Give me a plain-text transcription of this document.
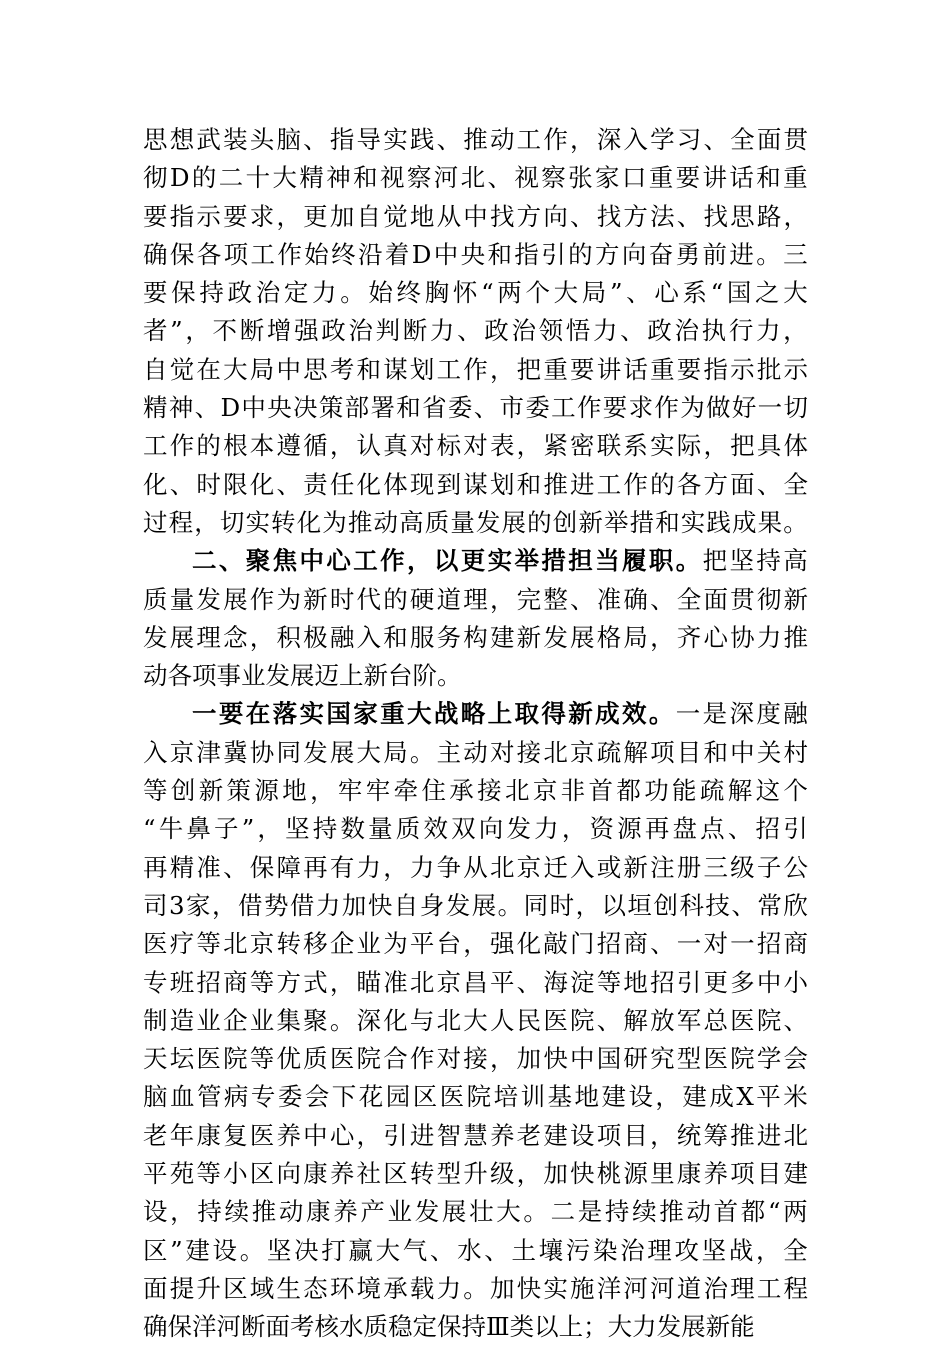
思 想 武 装 头 脑 、 指 导 实 践 、 推 动 工 作 ， 深 入 学 习 、 全 面 贯
彻 D 的 二 十 大 精 神 和 视 察 河 北 、 视 察 张 家 口 重 要 讲 话 和 重
要 指 示 要 求 ， 更 加 自 觉 地 从 中 找 方 向 、 找 方 法 、 找 思 路 ，
确 保 各 项 工 作 始 终 沿 着 D 中 央 和 指 引 的 方 向 奋 勇 前 进 。 三
要 保 持 政 治 定 力 。 始 终 胸 怀 “ 两 个 大 局 ” 、 心 系 “ 国 之 大
者 ” ， 不 断 增 强 政 治 判 断 力 、 政 治 领 悟 力 、 政 治 执 行 力 ，
自 觉 在 大 局 中 思 考 和 谋 划 工 作 ， 把 重 要 讲 话 重 要 指 示 批 示
精 神 、 D 中 央 决 策 部 署 和 省 委 、 市 委 工 作 要 求 作 为 做 好 一 切
工 作 的 根 本 遵 循 ， 认 真 对 标 对 表 ， 紧 密 联 系 实 际 ， 把 具 体
化 、 时 限 化 、 责 任 化 体 现 到 谋 划 和 推 进 工 作 的 各 方 面 、 全
过 程 ， 切 实 转 化 为 推 动 高 质 量 发 展 的 创 新 举 措 和 实 践 成 果 。
二 、 聚 焦 中 心 工 作 ， 以 更 实 举 措 担 当 履 职 。 把 坚 持 高
质 量 发 展 作 为 新 时 代 的 硬 道 理 ， 完 整 、 准 确 、 全 面 贯 彻 新
发 展 理 念 ， 积 极 融 入 和 服 务 构 建 新 发 展 格 局 ， 齐 心 协 力 推
动各项事业发展迈上新台阶。
一 要 在 落 实 国 家 重 大 战 略 上 取 得 新 成 效 。 一 是 深 度 融
入 京 津 冀 协 同 发 展 大 局 。 主 动 对 接 北 京 疏 解 项 目 和 中 关 村
等 创 新 策 源 地 ， 牢 牢 牵 住 承 接 北 京 非 首 都 功 能 疏 解 这 个
“ 牛 鼻 子 ” ， 坚 持 数 量 质 效 双 向 发 力 ， 资 源 再 盘 点 、 招 引
再 精 准 、 保 障 再 有 力 ， 力 争 从 北 京 迁 入 或 新 注 册 三 级 子 公
司 3 家 ， 借 势 借 力 加 快 自 身 发 展 。 同 时 ， 以 垣 创 科 技 、 常 欣
医 疗 等 北 京 转 移 企 业 为 平 台 ， 强 化 敲 门 招 商 、 一 对 一 招 商
专 班 招 商 等 方 式 ， 瞄 准 北 京 昌 平 、 海 淀 等 地 招 引 更 多 中 小
制 造 业 企 业 集 聚 。 深 化 与 北 大 人 民 医 院 、 解 放 军 总 医 院 、
天 坛 医 院 等 优 质 医 院 合 作 对 接 ， 加 快 中 国 研 究 型 医 院 学 会
脑 血 管 病 专 委 会 下 花 园 区 医 院 培 训 基 地 建 设 ， 建 成 X 平 米
老 年 康 复 医 养 中 心 ， 引 进 智 慧 养 老 建 设 项 目 ， 统 筹 推 进 北
平 苑 等 小 区 向 康 养 社 区 转 型 升 级 ， 加 快 桃 源 里 康 养 项 目 建
设 ， 持 续 推 动 康 养 产 业 发 展 壮 大 。 二 是 持 续 推 动 首 都 “ 两
区 ” 建 设 。 坚 决 打 赢 大 气 、 水 、 土 壤 污 染 治 理 攻 坚 战 ， 全
面 提 升 区 域 生 态 环 境 承 载 力 。 加 快 实 施 洋 河 河 道 治 理 工 程
确保洋河断面考核水质稳定保持Ⅲ类以上；大力发展新能
